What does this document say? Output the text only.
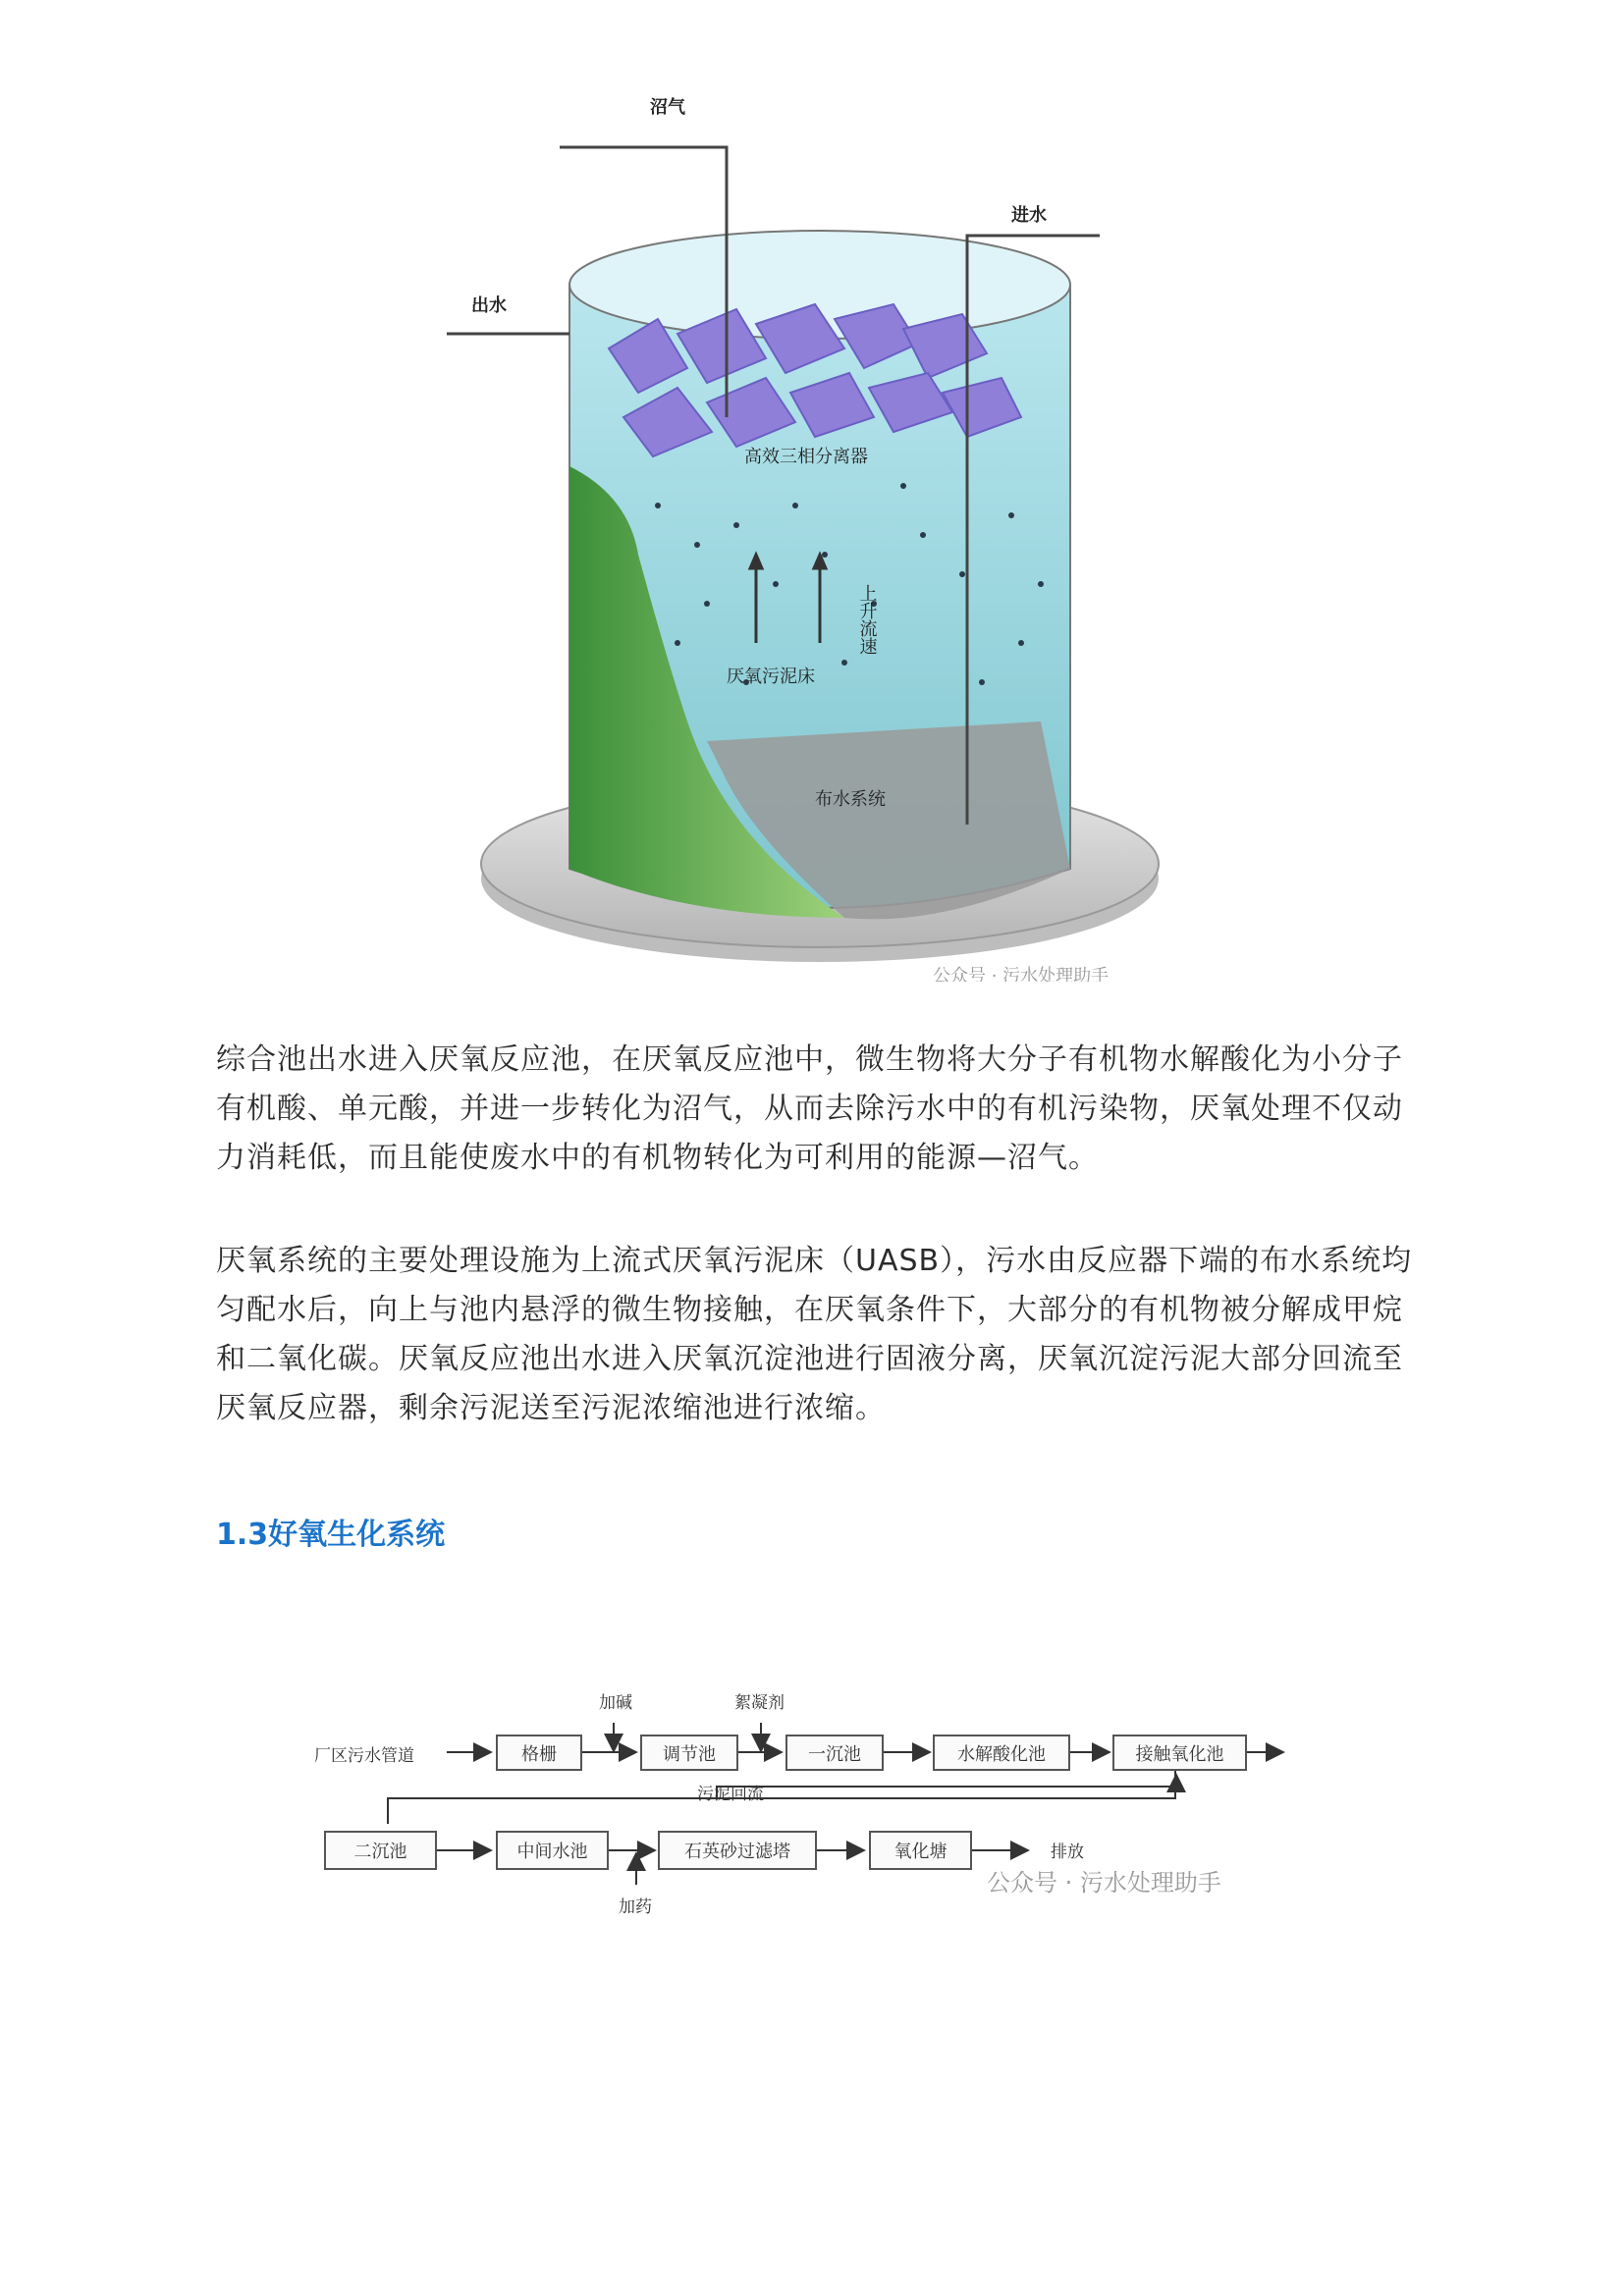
沼气
进水
出水
高效三相分离器
上升流速
厌氧污泥床
布水系统
公众号 · 污水处理助手

综合池出水进入厌氧反应池，在厌氧反应池中，微生物将大分子有机物水解酸化为小分子有机酸、单元酸，并进一步转化为沼气，从而去除污水中的有机污染物，厌氧处理不仅动力消耗低，而且能使废水中的有机物转化为可利用的能源—沼气。

厌氧系统的主要处理设施为上流式厌氧污泥床（UASB），污水由反应器下端的布水系统均匀配水后，向上与池内悬浮的微生物接触，在厌氧条件下，大部分的有机物被分解成甲烷和二氧化碳。厌氧反应池出水进入厌氧沉淀池进行固液分离，厌氧沉淀污泥大部分回流至厌氧反应器，剩余污泥送至污泥浓缩池进行浓缩。

1.3好氧生化系统
厂区污水管道
加碱	絮凝剂
污泥回流
加药
排放
格栅	调节池	一沉池	水解酸化池	接触氧化池
二沉池	中间水池	石英砂过滤塔	氧化塘
公众号 · 污水处理助手
